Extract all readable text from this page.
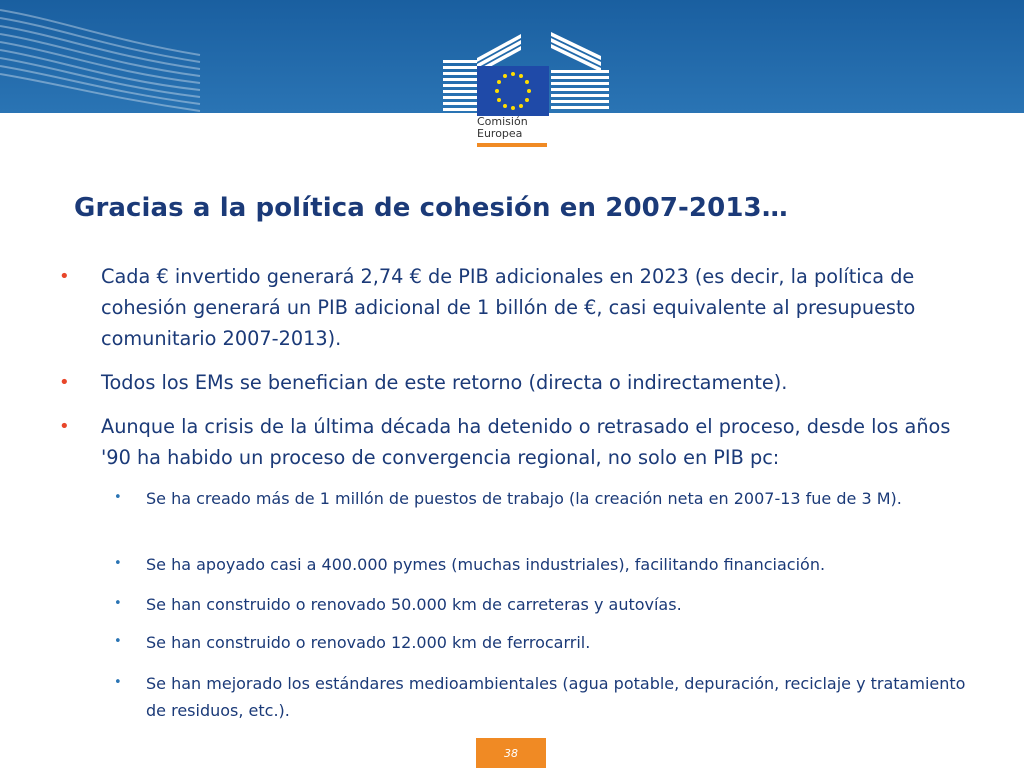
Comisión
Europea
Gracias a la política de cohesión en 2007-2013…
• Cada € invertido generará 2,74 € de PIB adicionales en 2023 (es decir, la política de cohesión generará un PIB adicional de 1 billón de €, casi equivalente al presupuesto comunitario 2007-2013).

• Todos los EMs se benefician de este retorno (directa o indirectamente).

• Aunque la crisis de la última década ha detenido o retrasado el proceso, desde los años '90 ha habido un proceso de convergencia regional, no solo en PIB pc:

• Se ha creado más de 1 millón de puestos de trabajo (la creación neta en 2007-13 fue de 3 M).

• Se ha apoyado casi a 400.000 pymes (muchas industriales), facilitando financiación.

• Se han construido o renovado 50.000 km de carreteras y autovías.

• Se han construido o renovado 12.000 km de ferrocarril.

• Se han mejorado los estándares medioambientales (agua potable, depuración, reciclaje y tratamiento de residuos, etc.).

38
